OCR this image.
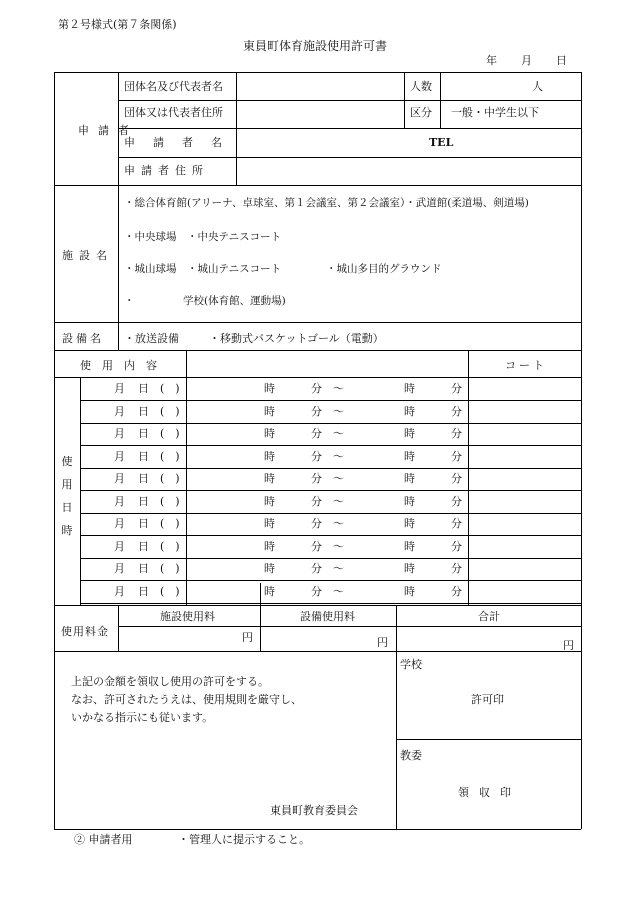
第２号様式(第７条関係)
東員町体育施設使用許可書
年 月 日
申請者
団体名及び代表者名	人数	人
団体又は代表者住所	区分 一般・中学生以下
申請者名	TEL
申請者住所
施設名
・総合体育館(アリーナ、卓球室、第１会議室、第２会議室）・武道館(柔道場、剣道場)
・中央球場　・中央テニスコート
・城山球場　・城山テニスコート	・城山多目的グラウンド
・	学校(体育館、運動場)
設備名 ・放送設備	・移動式バスケットゴール（電動）
使用内容	コート
使用日時
月 日 (　)	時	分 ～	時	分
月 日 (　)	時	分 ～	時	分
月 日 (　)	時	分 ～	時	分
月 日 (　)	時	分 ～	時	分
月 日 (　)	時	分 ～	時	分
月 日 (　)	時	分 ～	時	分
月 日 (　)	時	分 ～	時	分
月 日 (　)	時	分 ～	時	分
月 日 (　)	時	分 ～	時	分
月 日 (　)	時	分 ～	時	分
使用料金
施設使用料	設備使用料	合計
円	円	円
上記の金額を領収し使用の許可をする。
なお、許可されたうえは、使用規則を厳守し、
いかなる指示にも従います。
東員町教育委員会
学校
許可印
教委
領収印
② 申請者用	・管理人に提示すること。
